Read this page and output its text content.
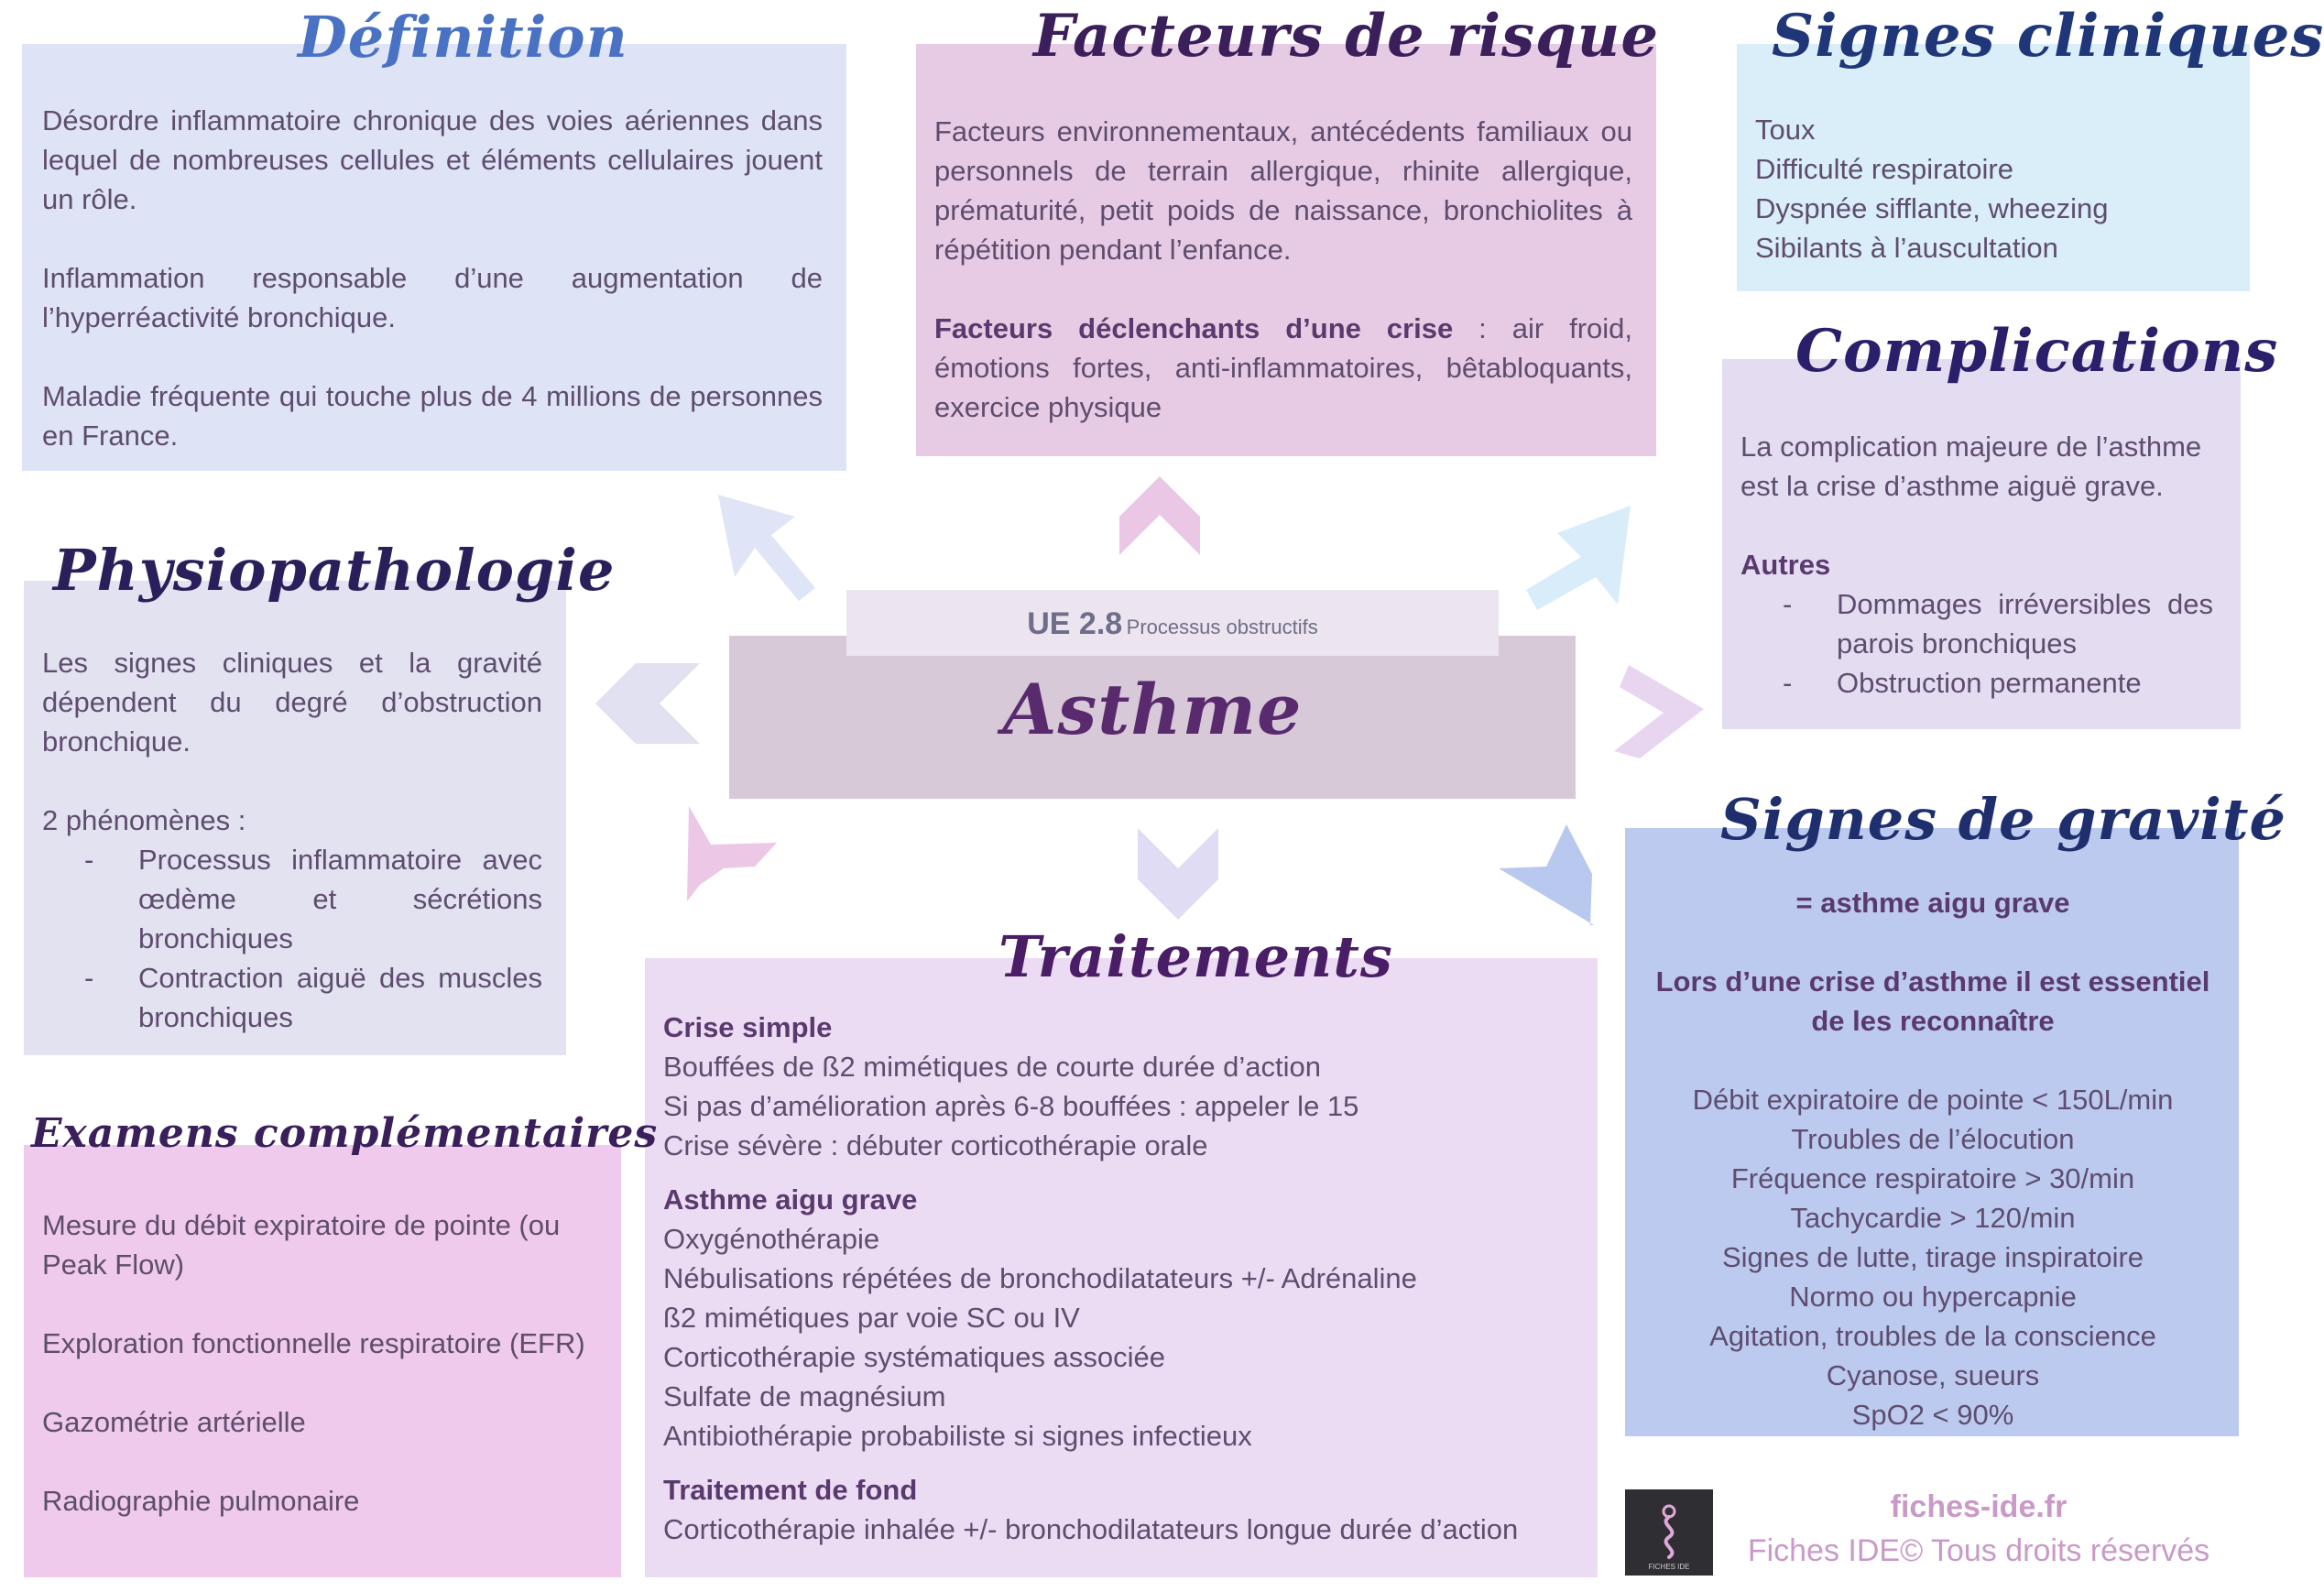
Définition

Désordre inflammatoire chronique des voies aériennes dans lequel de nombreuses cellules et éléments cellulaires jouent un rôle.

Inflammation responsable d’une augmentation de l’hyperréactivité bronchique.

Maladie fréquente qui touche plus de 4 millions de personnes en France.

Facteurs de risque

Facteurs environnementaux, antécédents familiaux ou personnels de terrain allergique, rhinite allergique, prématurité, petit poids de naissance, bronchiolites à répétition pendant l’enfance.

Facteurs déclenchants d’une crise : air froid, émotions fortes, anti-inflammatoires, bêtabloquants, exercice physique

Signes cliniques

Toux

Difficulté respiratoire

Dyspnée sifflante, wheezing

Sibilants à l’auscultation

Complications

La complication majeure de l’asthme est la crise d’asthme aiguë grave.

Autres

- Dommages irréversibles des parois bronchiques
- Obstruction permanente
Physiopathologie

Les signes cliniques et la gravité dépendent du degré d’obstruction bronchique.

2 phénomènes :

- Processus inflammatoire avec œdème et sécrétions bronchiques
- Contraction aiguë des muscles bronchiques
UE 2.8 Processus obstructifs
Asthme
Examens complémentaires

Mesure du débit expiratoire de pointe (ou Peak Flow)

Exploration fonctionnelle respiratoire (EFR)

Gazométrie artérielle

Radiographie pulmonaire

Traitements

Crise simple

Bouffées de ß2 mimétiques de courte durée d’action

Si pas d’amélioration après 6-8 bouffées : appeler le 15

Crise sévère : débuter corticothérapie orale

Asthme aigu grave

Oxygénothérapie

Nébulisations répétées de bronchodilatateurs +/- Adrénaline

ß2 mimétiques par voie SC ou IV

Corticothérapie systématiques associée

Sulfate de magnésium

Antibiothérapie probabiliste si signes infectieux

Traitement de fond

Corticothérapie inhalée +/- bronchodilatateurs longue durée d’action

Signes de gravité

= asthme aigu grave

Lors d’une crise d’asthme il est essentiel de les reconnaître

Débit expiratoire de pointe < 150L/min

Troubles de l’élocution

Fréquence respiratoire > 30/min

Tachycardie > 120/min

Signes de lutte, tirage inspiratoire

Normo ou hypercapnie

Agitation, troubles de la conscience

Cyanose, sueurs

SpO2 < 90%

FICHES IDE
fiches-ide.fr
Fiches IDE© Tous droits réservés
